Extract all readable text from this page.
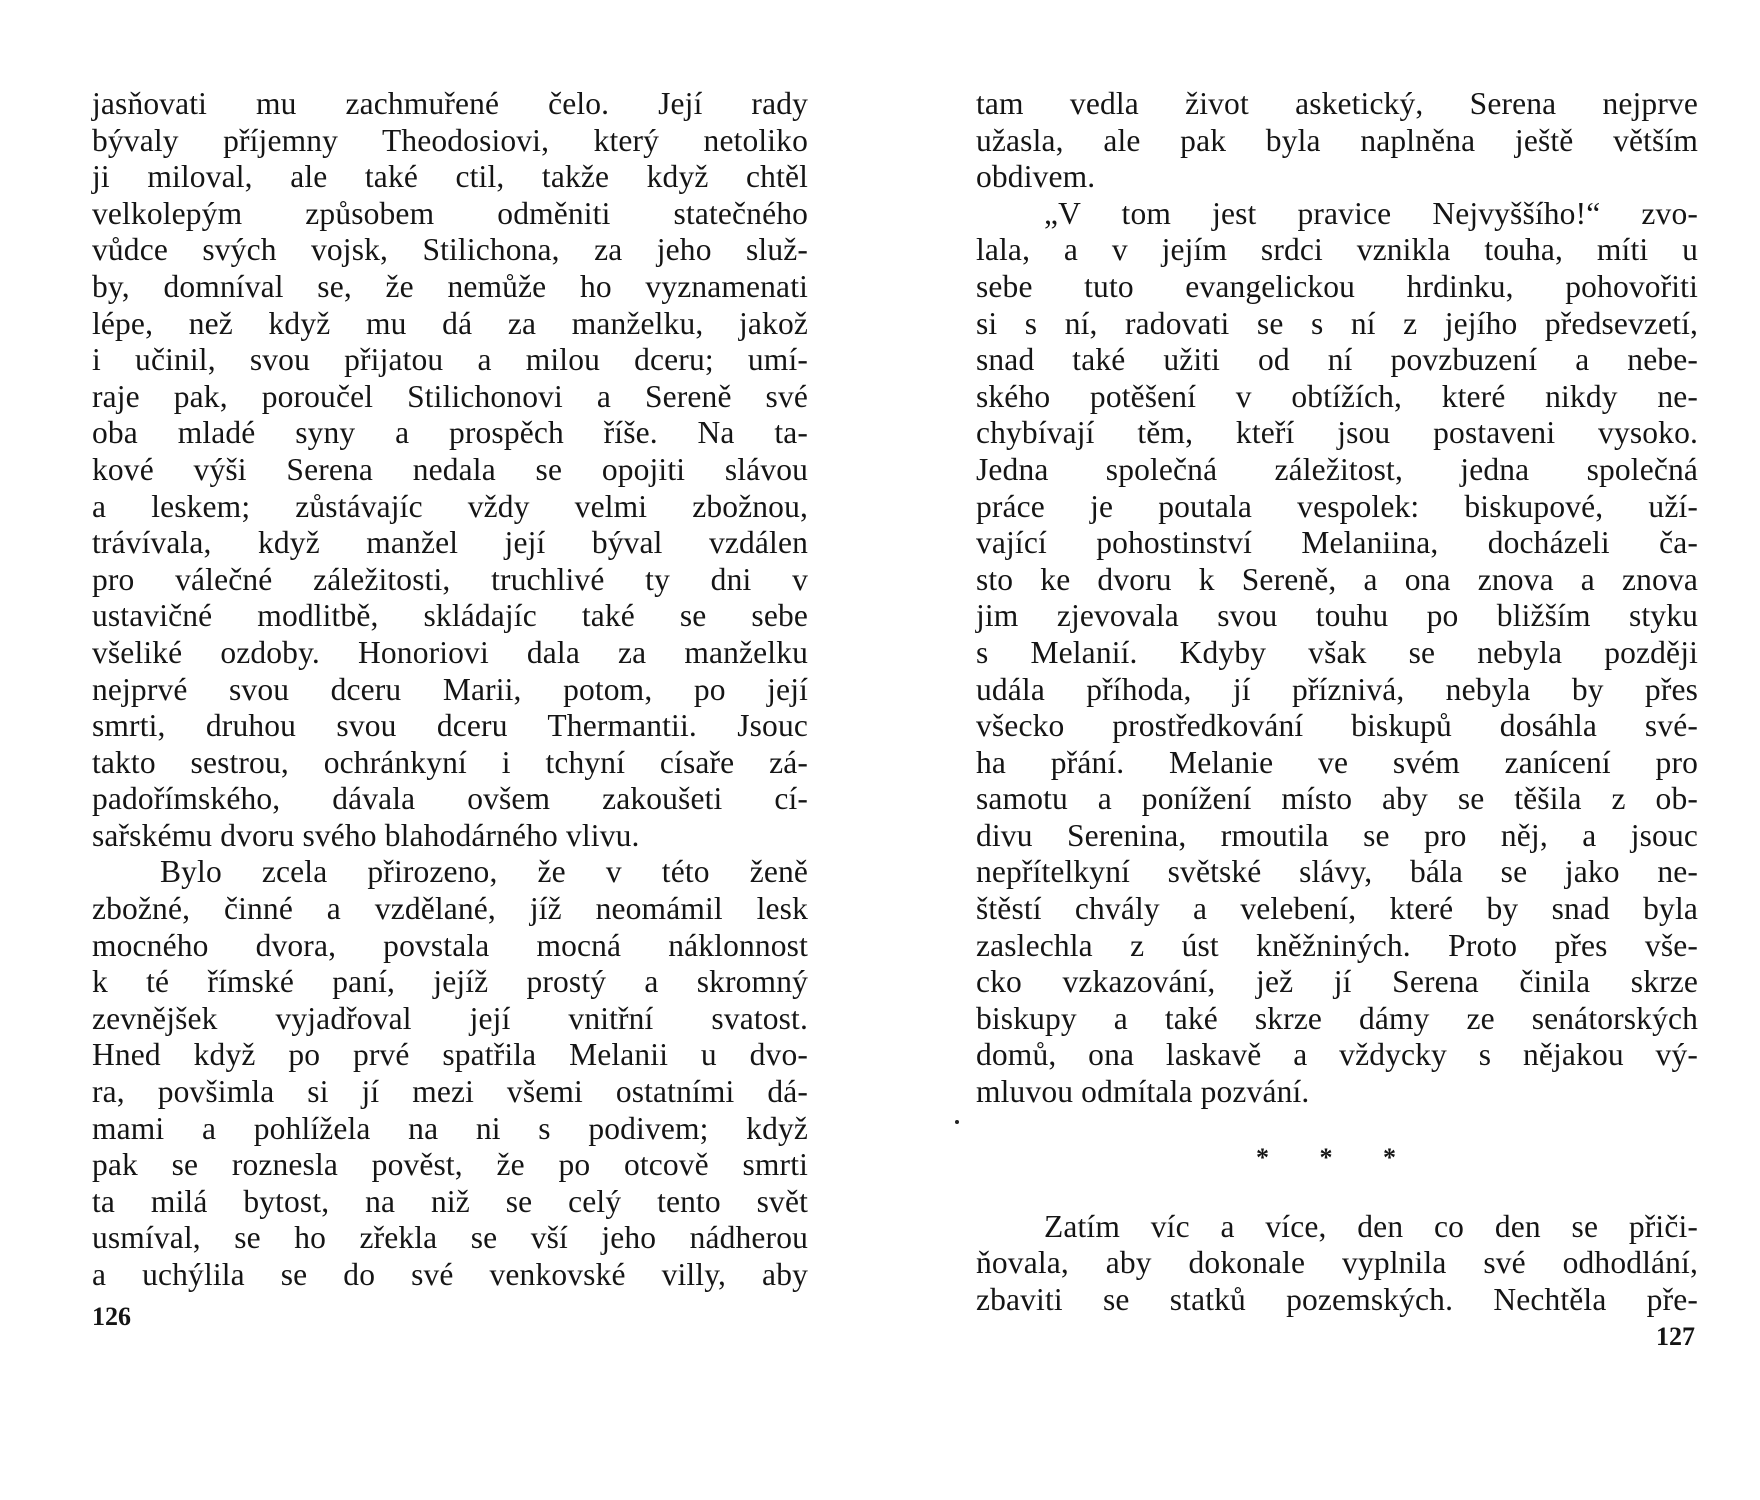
jasňovati mu zachmuřené čelo. Její rady
bývaly příjemny Theodosiovi, který netoliko
ji miloval, ale také ctil, takže když chtěl
velkolepým způsobem odměniti statečného
vůdce svých vojsk, Stilichona, za jeho služ-
by, domníval se, že nemůže ho vyznamenati
lépe, než když mu dá za manželku, jakož
i učinil, svou přijatou a milou dceru; umí-
raje pak, poroučel Stilichonovi a Sereně své
oba mladé syny a prospěch říše. Na ta-
kové výši Serena nedala se opojiti slávou
a leskem; zůstávajíc vždy velmi zbožnou,
trávívala, když manžel její býval vzdálen
pro válečné záležitosti, truchlivé ty dni v
ustavičné modlitbě, skládajíc také se sebe
všeliké ozdoby. Honoriovi dala za manželku
nejprvé svou dceru Marii, potom, po její
smrti, druhou svou dceru Thermantii. Jsouc
takto sestrou, ochránkyní i tchyní císaře zá-
padořímského, dávala ovšem zakoušeti cí-
sařskému dvoru svého blahodárného vlivu.

Bylo zcela přirozeno, že v této ženě
zbožné, činné a vzdělané, jíž neomámil lesk
mocného dvora, povstala mocná náklonnost
k té římské paní, jejíž prostý a skromný
zevnějšek vyjadřoval její vnitřní svatost.
Hned když po prvé spatřila Melanii u dvo-
ra, povšimla si jí mezi všemi ostatními dá-
mami a pohlížela na ni s podivem; když
pak se roznesla pověst, že po otcově smrti
ta milá bytost, na niž se celý tento svět
usmíval, se ho zřekla se vší jeho nádherou
a uchýlila se do své venkovské villy, aby

126

tam vedla život asketický, Serena nejprve
užasla, ale pak byla naplněna ještě větším
obdivem.

„V tom jest pravice Nejvyššího!“ zvo-
lala, a v jejím srdci vznikla touha, míti u
sebe tuto evangelickou hrdinku, pohovořiti
si s ní, radovati se s ní z jejího předsevzetí,
snad také užiti od ní povzbuzení a nebe-
ského potěšení v obtížích, které nikdy ne-
chybívají těm, kteří jsou postaveni vysoko.
Jedna společná záležitost, jedna společná
práce je poutala vespolek: biskupové, uží-
vající pohostinství Melaniina, docházeli ča-
sto ke dvoru k Sereně, a ona znova a znova
jim zjevovala svou touhu po bližším styku
s Melanií. Kdyby však se nebyla později
udála příhoda, jí příznivá, nebyla by přes
všecko prostředkování biskupů dosáhla své-
ha přání. Melanie ve svém zanícení pro
samotu a ponížení místo aby se těšila z ob-
divu Serenina, rmoutila se pro něj, a jsouc
nepřítelkyní světské slávy, bála se jako ne-
štěstí chvály a velebení, které by snad byla
zaslechla z úst kněžniných. Proto přes vše-
cko vzkazování, jež jí Serena činila skrze
biskupy a také skrze dámy ze senátorských
domů, ona laskavě a vždycky s nějakou vý-
mluvou odmítala pozvání.

* * *

Zatím víc a více, den co den se přiči-
ňovala, aby dokonale vyplnila své odhodlání,
zbaviti se statků pozemských. Nechtěla pře-

127
